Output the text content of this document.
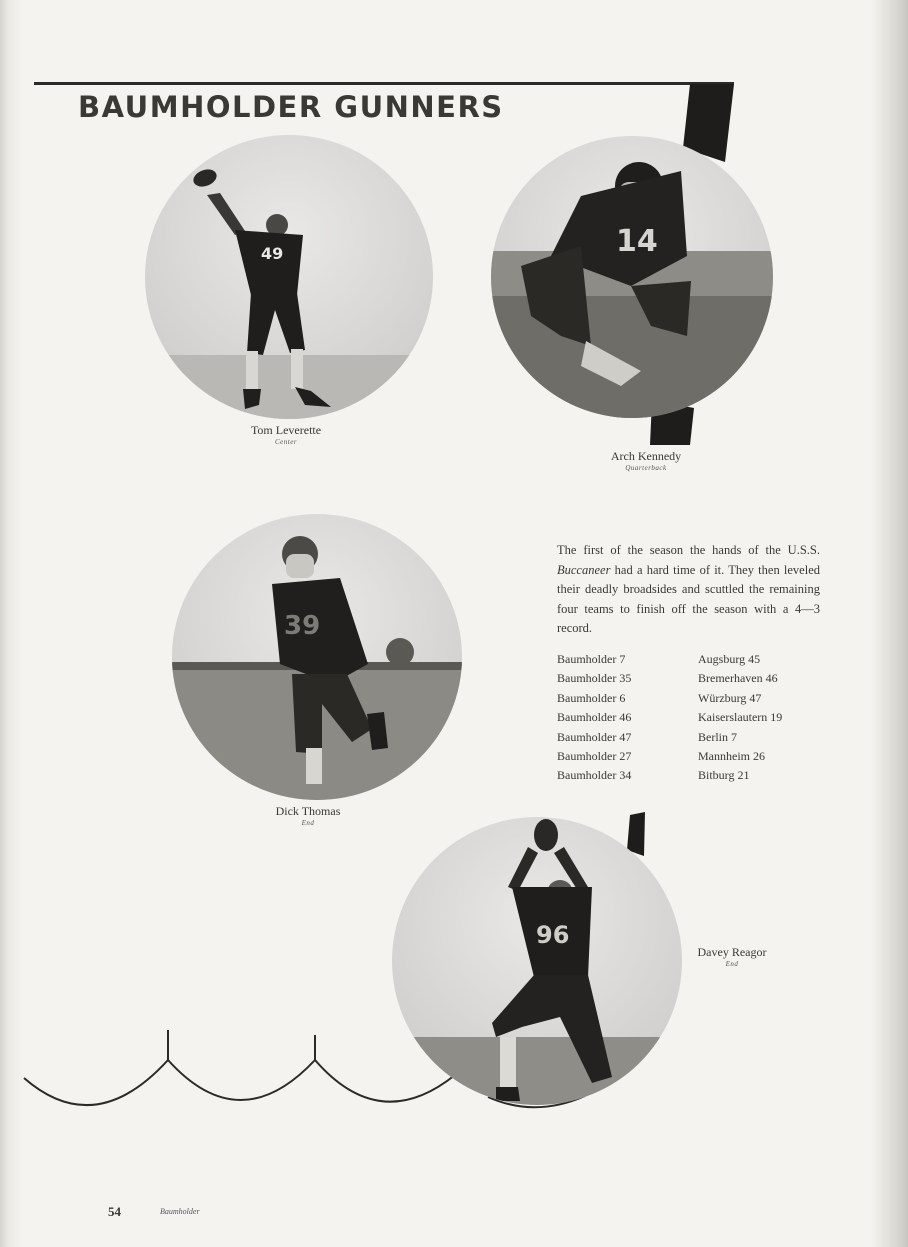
BAUMHOLDER GUNNERS
49
Tom Leverette
Center
14
Arch Kennedy
Quarterback
39
Dick Thomas
End
96
Davey Reagor
End

The first of the season the hands of the U.S.S. Buccaneer had a hard time of it. They then leveled their deadly broadsides and scuttled the remaining four teams to finish off the season with a 4—3 record.

Baumholder 7
Baumholder 35
Baumholder 6
Baumholder 46
Baumholder 47
Baumholder 27
Baumholder 34
Augsburg 45
Bremerhaven 46
Würzburg 47
Kaiserslautern 19
Berlin 7
Mannheim 26
Bitburg 21
54	Baumholder
